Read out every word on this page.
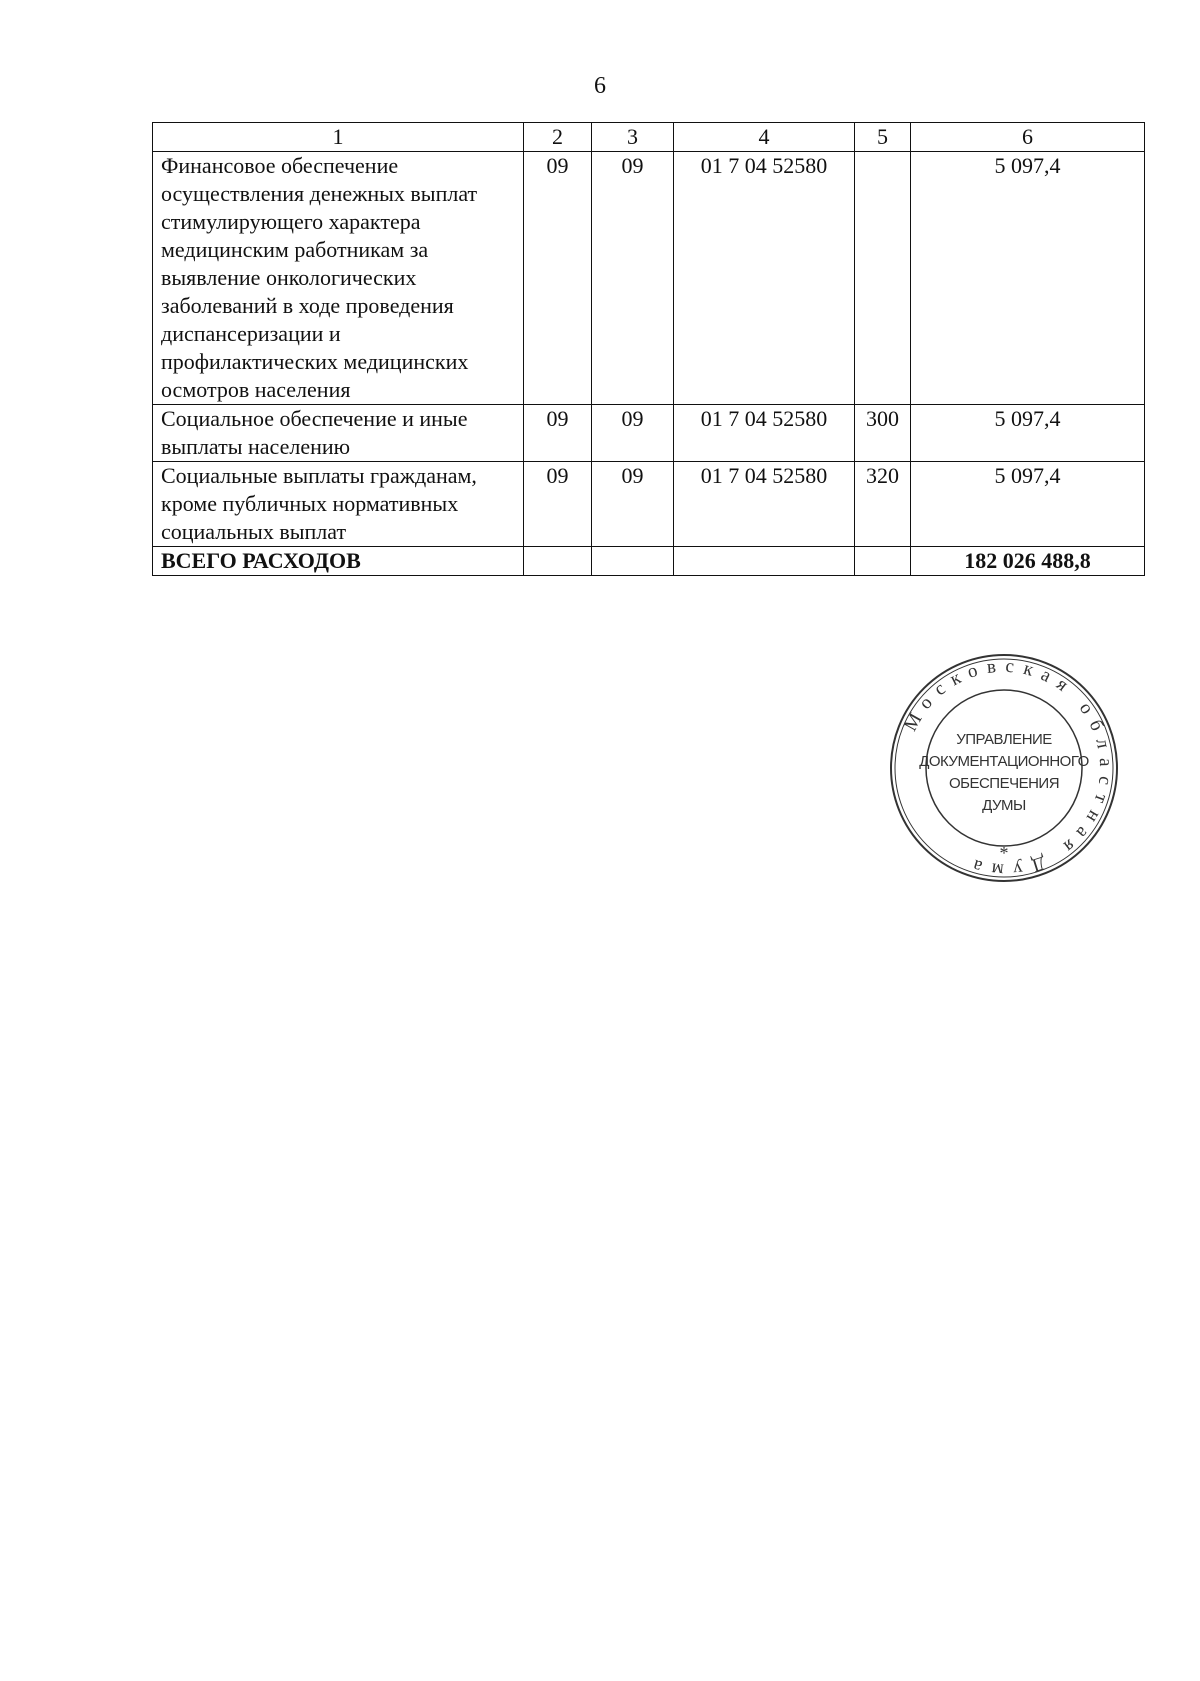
6
1	2	3	4	5	6
Финансовое обеспечение осуществления денежных выплат стимулирующего характера медицинским работникам за выявление онкологических заболеваний в ходе проведения диспансеризации и профилактических медицинских осмотров населения	09	09	01 7 04 52580		5 097,4
Социальное обеспечение и иные выплаты населению	09	09	01 7 04 52580	300	5 097,4
Социальные выплаты гражданам, кроме публичных нормативных социальных выплат	09	09	01 7 04 52580	320	5 097,4
ВСЕГО РАСХОДОВ					182 026 488,8
Московская областная Дума
УПРАВЛЕНИЕ
ДОКУМЕНТАЦИОННОГО
ОБЕСПЕЧЕНИЯ
ДУМЫ
*
